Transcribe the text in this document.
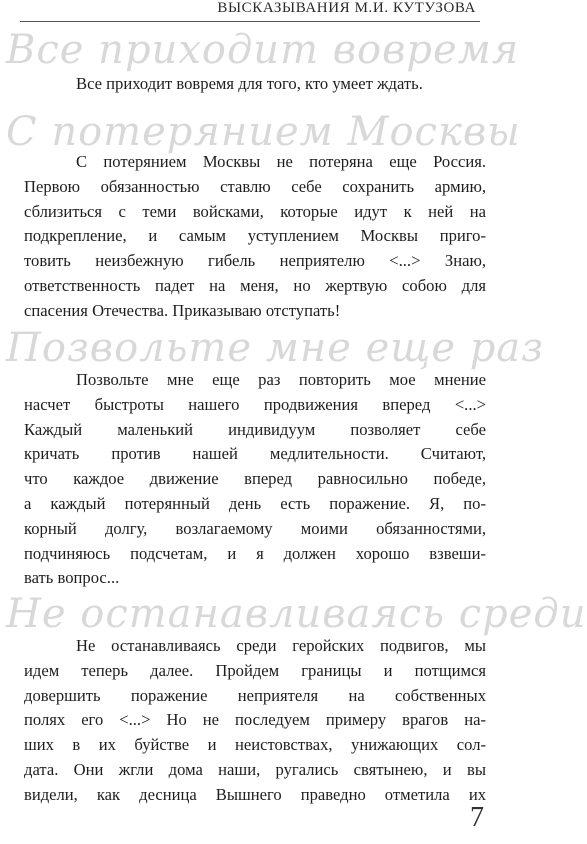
ВЫСКАЗЫВАНИЯ М.И. КУТУЗОВА
Все приходит вовремя
Все приходит вовремя для того, кто умеет ждать.
С потерянием Москвы
С потерянием Москвы не потеряна еще Россия.
Первою обязанностью ставлю себе сохранить армию,
сблизиться с теми войсками, которые идут к ней на
подкрепление, и самым уступлением Москвы приго-
товить неизбежную гибель неприятелю <...> Знаю,
ответственность падет на меня, но жертвую собою для
спасения Отечества. Приказываю отступать!
Позвольте мне еще раз
Позвольте мне еще раз повторить мое мнение
насчет быстроты нашего продвижения вперед <...>
Каждый маленький индивидуум позволяет себе
кричать против нашей медлительности. Считают,
что каждое движение вперед равносильно победе,
а каждый потерянный день есть поражение. Я, по-
корный долгу, возлагаемому моими обязанностями,
подчиняюсь подсчетам, и я должен хорошо взвеши-
вать вопрос...
Не останавливаясь среди
Не останавливаясь среди геройских подвигов, мы
идем теперь далее. Пройдем границы и потщимся
довершить поражение неприятеля на собственных
полях его <...> Но не последуем примеру врагов на-
ших в их буйстве и неистовствах, унижающих сол-
дата. Они жгли дома наши, ругались святынею, и вы
видели, как десница Вышнего праведно отметила их
7
